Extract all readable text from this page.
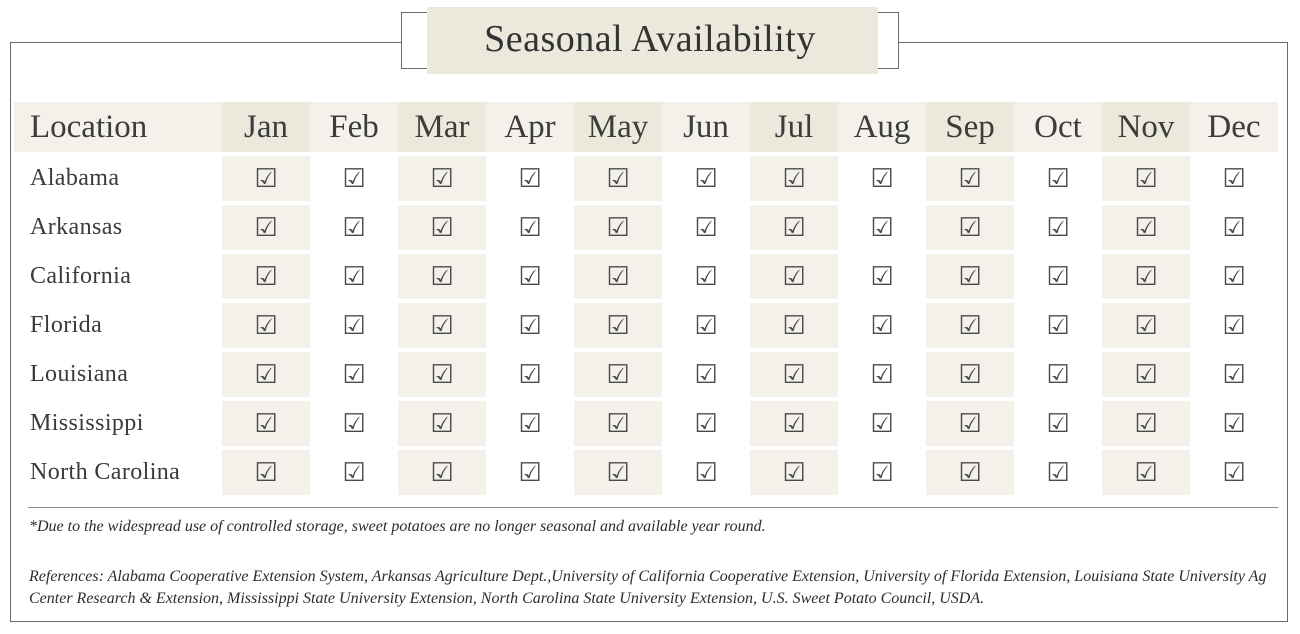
Seasonal Availability
Location	Jan	Feb	Mar	Apr	May	Jun	Jul	Aug	Sep	Oct	Nov	Dec
Alabama	☑	☑	☑	☑	☑	☑	☑	☑	☑	☑	☑	☑
Arkansas	☑	☑	☑	☑	☑	☑	☑	☑	☑	☑	☑	☑
California	☑	☑	☑	☑	☑	☑	☑	☑	☑	☑	☑	☑
Florida	☑	☑	☑	☑	☑	☑	☑	☑	☑	☑	☑	☑
Louisiana	☑	☑	☑	☑	☑	☑	☑	☑	☑	☑	☑	☑
Mississippi	☑	☑	☑	☑	☑	☑	☑	☑	☑	☑	☑	☑
North Carolina	☑	☑	☑	☑	☑	☑	☑	☑	☑	☑	☑	☑
*Due to the widespread use of controlled storage, sweet potatoes are no longer seasonal and available year round.
References: Alabama Cooperative Extension System, Arkansas Agriculture Dept.,University of California Cooperative Extension, University of Florida Extension, Louisiana State University Ag Center Research & Extension, Mississippi State University Extension, North Carolina State University Extension, U.S. Sweet Potato Council, USDA.
